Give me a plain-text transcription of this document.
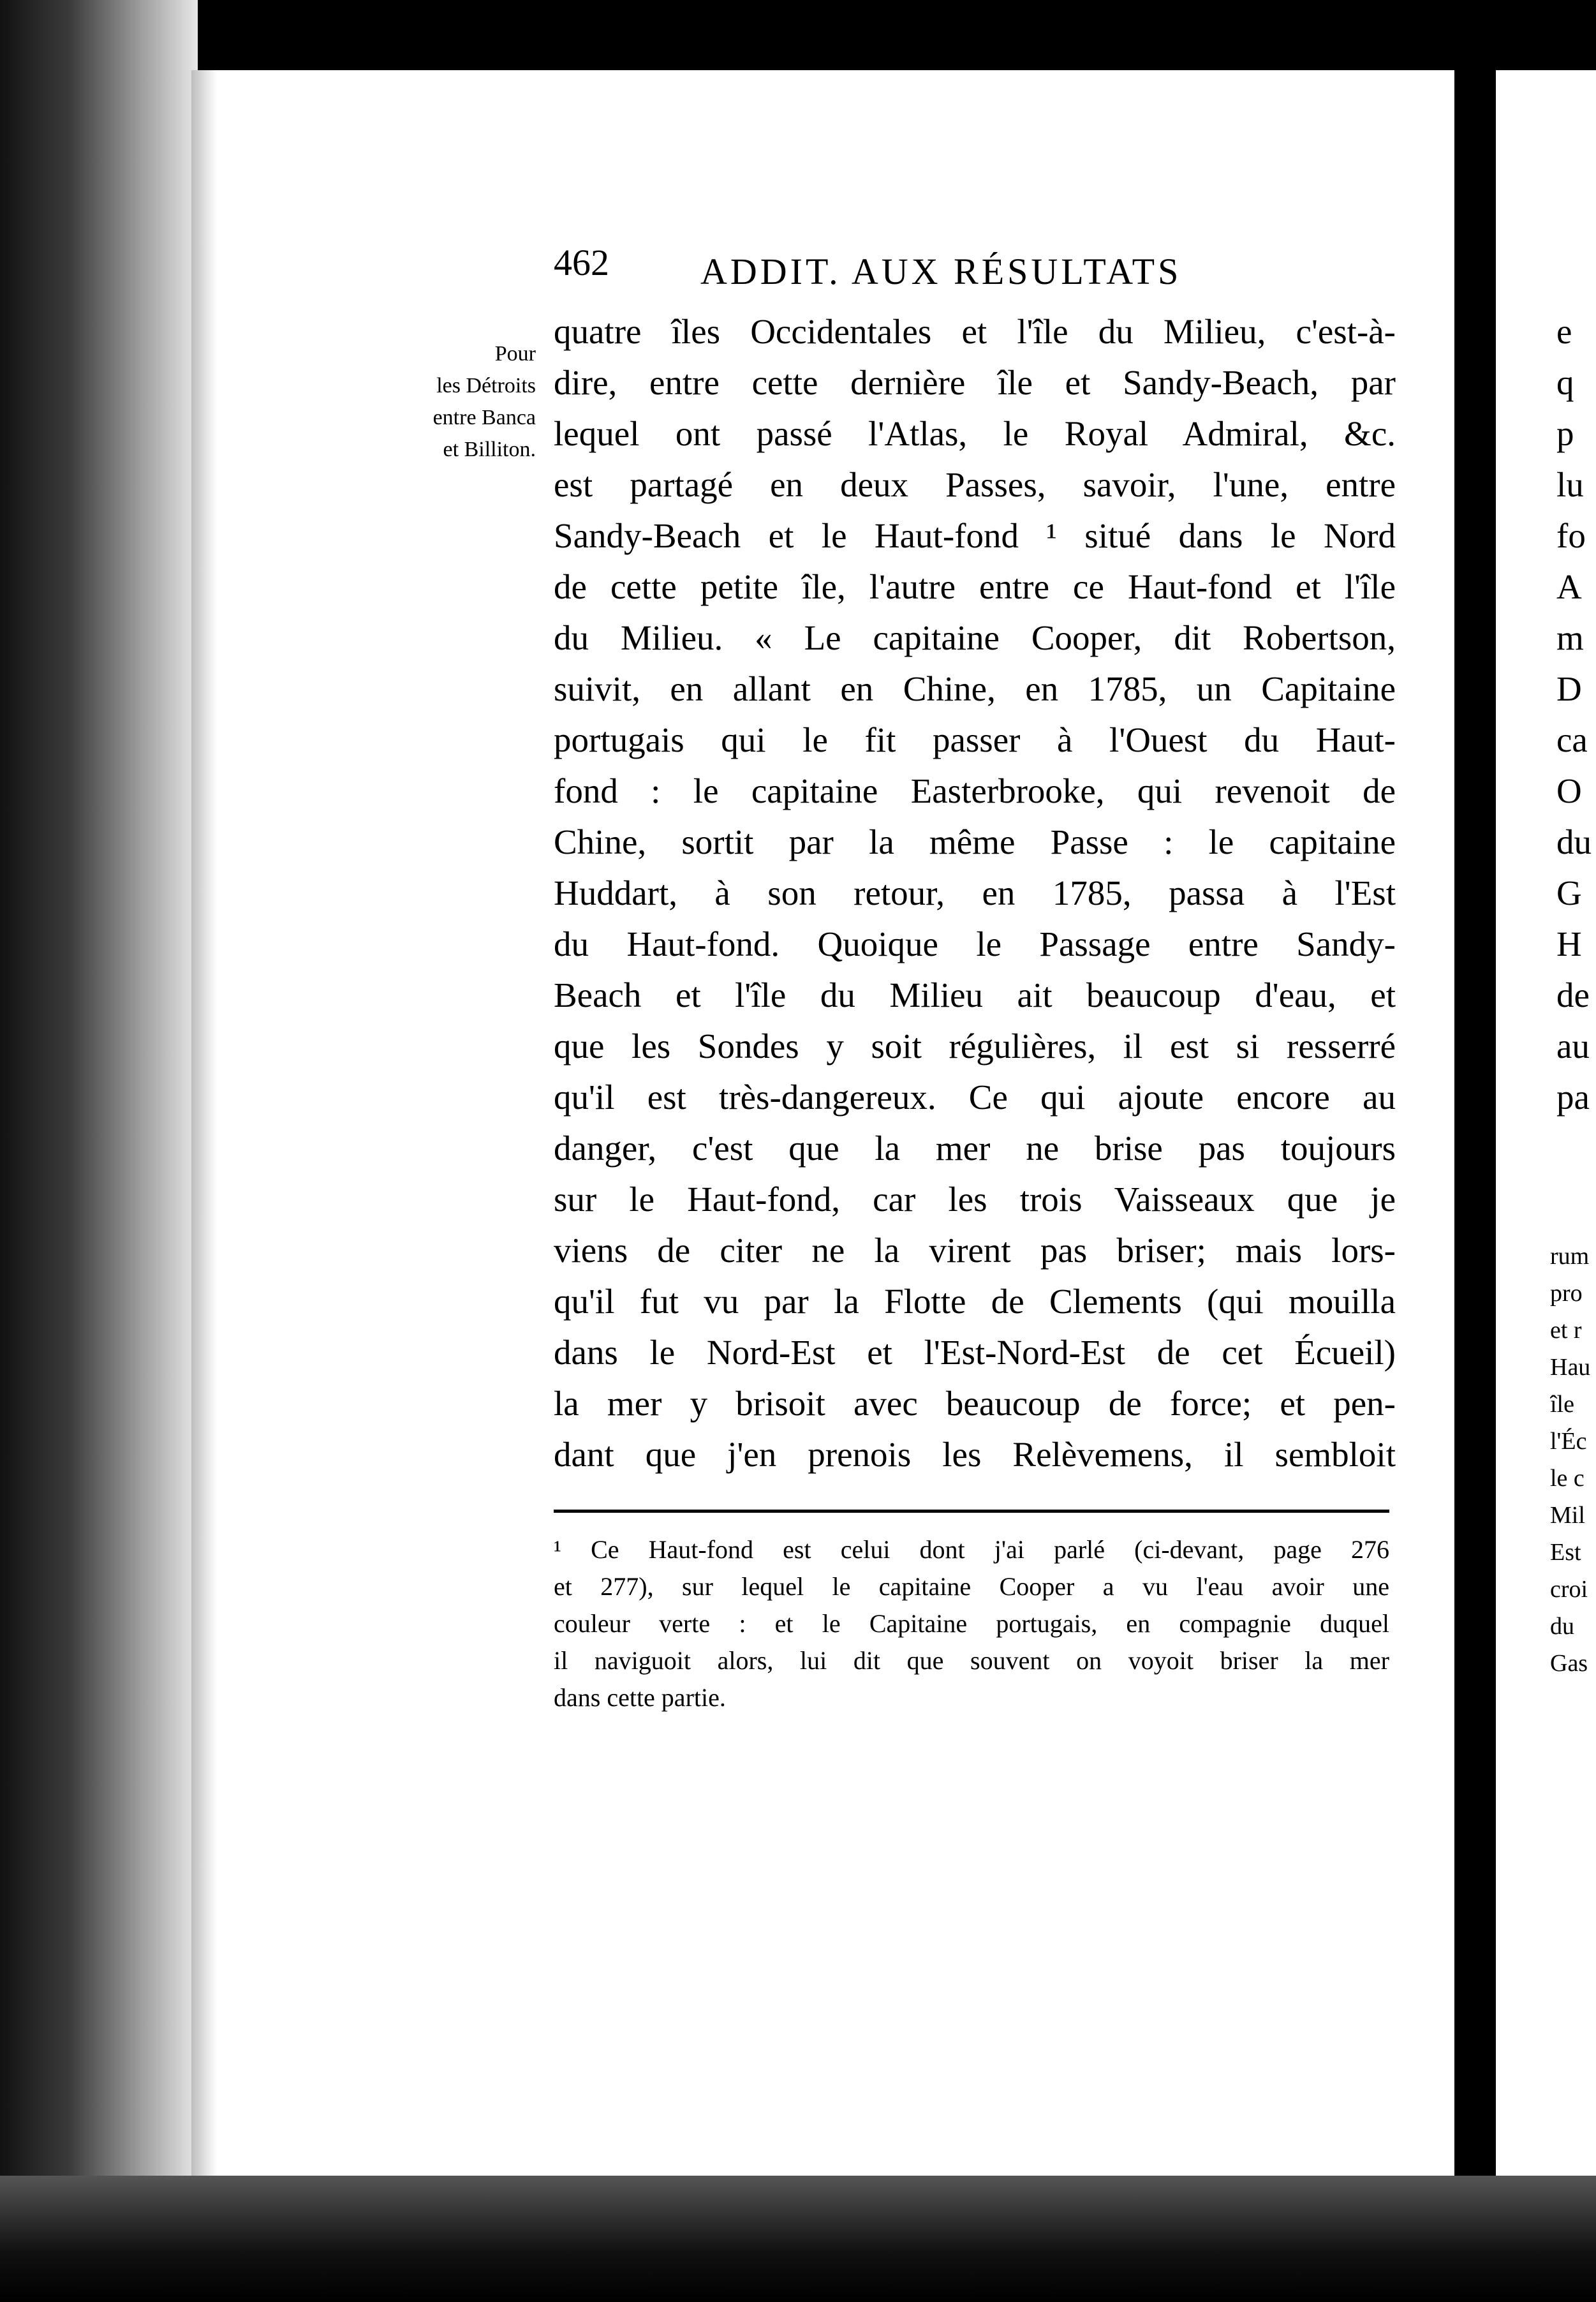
462 ADDIT. AUX RÉSULTATS
Pour
les Détroits
entre Banca
et Billiton.
quatre îles Occidentales et l'île du Milieu, c'est-à-
dire, entre cette dernière île et Sandy-Beach, par
lequel ont passé l'Atlas, le Royal Admiral, &c.
est partagé en deux Passes, savoir, l'une, entre
Sandy-Beach et le Haut-fond ¹ situé dans le Nord
de cette petite île, l'autre entre ce Haut-fond et l'île
du Milieu. « Le capitaine Cooper, dit Robertson,
suivit, en allant en Chine, en 1785, un Capitaine
portugais qui le fit passer à l'Ouest du Haut-
fond : le capitaine Easterbrooke, qui revenoit de
Chine, sortit par la même Passe : le capitaine
Huddart, à son retour, en 1785, passa à l'Est
du Haut-fond. Quoique le Passage entre Sandy-
Beach et l'île du Milieu ait beaucoup d'eau, et
que les Sondes y soit régulières, il est si resserré
qu'il est très-dangereux. Ce qui ajoute encore au
danger, c'est que la mer ne brise pas toujours
sur le Haut-fond, car les trois Vaisseaux que je
viens de citer ne la virent pas briser; mais lors-
qu'il fut vu par la Flotte de Clements (qui mouilla
dans le Nord-Est et l'Est-Nord-Est de cet Écueil)
la mer y brisoit avec beaucoup de force; et pen-
dant que j'en prenois les Relèvemens, il sembloit
¹ Ce Haut-fond est celui dont j'ai parlé (ci-devant, page 276
et 277), sur lequel le capitaine Cooper a vu l'eau avoir une
couleur verte : et le Capitaine portugais, en compagnie duquel
il naviguoit alors, lui dit que souvent on voyoit briser la mer
dans cette partie.
e
q
p
lu
fo
A
m
D
ca
O
du
G
H
de
au
pa
rum
pro
et r
Hau
île
l'Éc
le c
Mil
Est
croi
du
Gas
